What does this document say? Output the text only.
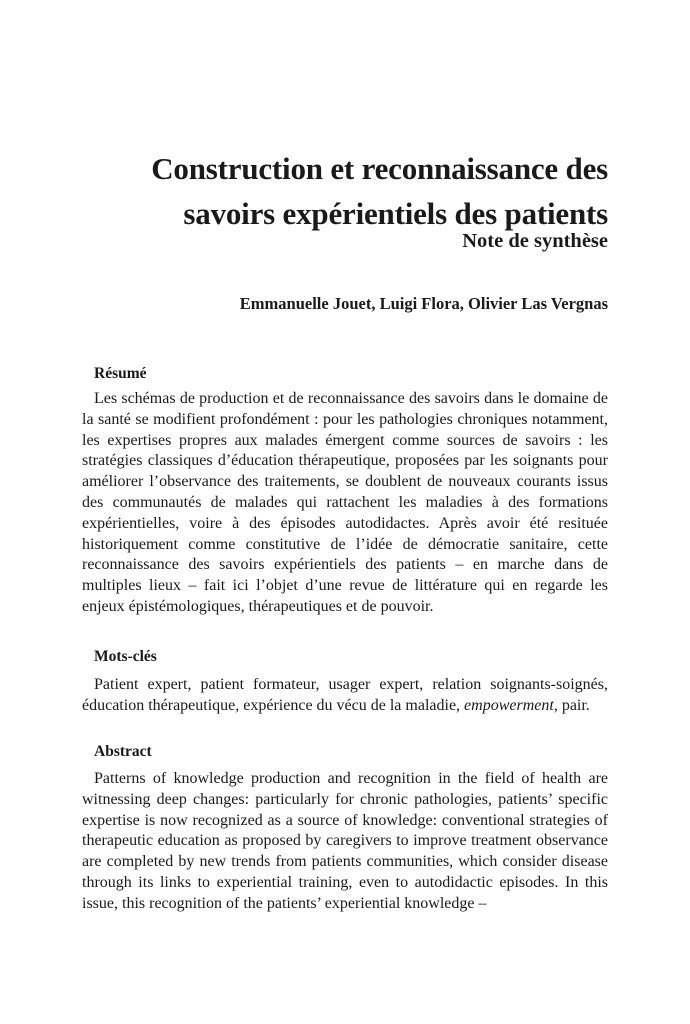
Construction et reconnaissance des
savoirs expérientiels des patients
Note de synthèse

Emmanuelle Jouet, Luigi Flora, Olivier Las Vergnas

Résumé

Les schémas de production et de reconnaissance des savoirs dans le domaine de la santé se modifient profondément : pour les pathologies chroniques notamment, les expertises propres aux malades émergent comme sources de savoirs : les stratégies classiques d’éducation thérapeutique, proposées par les soignants pour améliorer l’observance des traitements, se doublent de nouveaux courants issus des communautés de malades qui rattachent les maladies à des formations expérientielles, voire à des épisodes autodidactes. Après avoir été resituée historiquement comme constitutive de l’idée de démocratie sanitaire, cette reconnaissance des savoirs expérientiels des patients – en marche dans de multiples lieux – fait ici l’objet d’une revue de littérature qui en regarde les enjeux épistémologiques, thérapeutiques et de pouvoir.

Mots-clés

Patient expert, patient formateur, usager expert, relation soignants-soignés, éducation thérapeutique, expérience du vécu de la maladie, empowerment, pair.

Abstract

Patterns of knowledge production and recognition in the field of health are witnessing deep changes: particularly for chronic pathologies, patients’ specific expertise is now recognized as a source of knowledge: conventional strategies of therapeutic education as proposed by caregivers to improve treatment observance are completed by new trends from patients communities, which consider disease through its links to experiential training, even to autodidactic episodes. In this issue, this recognition of the patients’ experiential knowledge –
